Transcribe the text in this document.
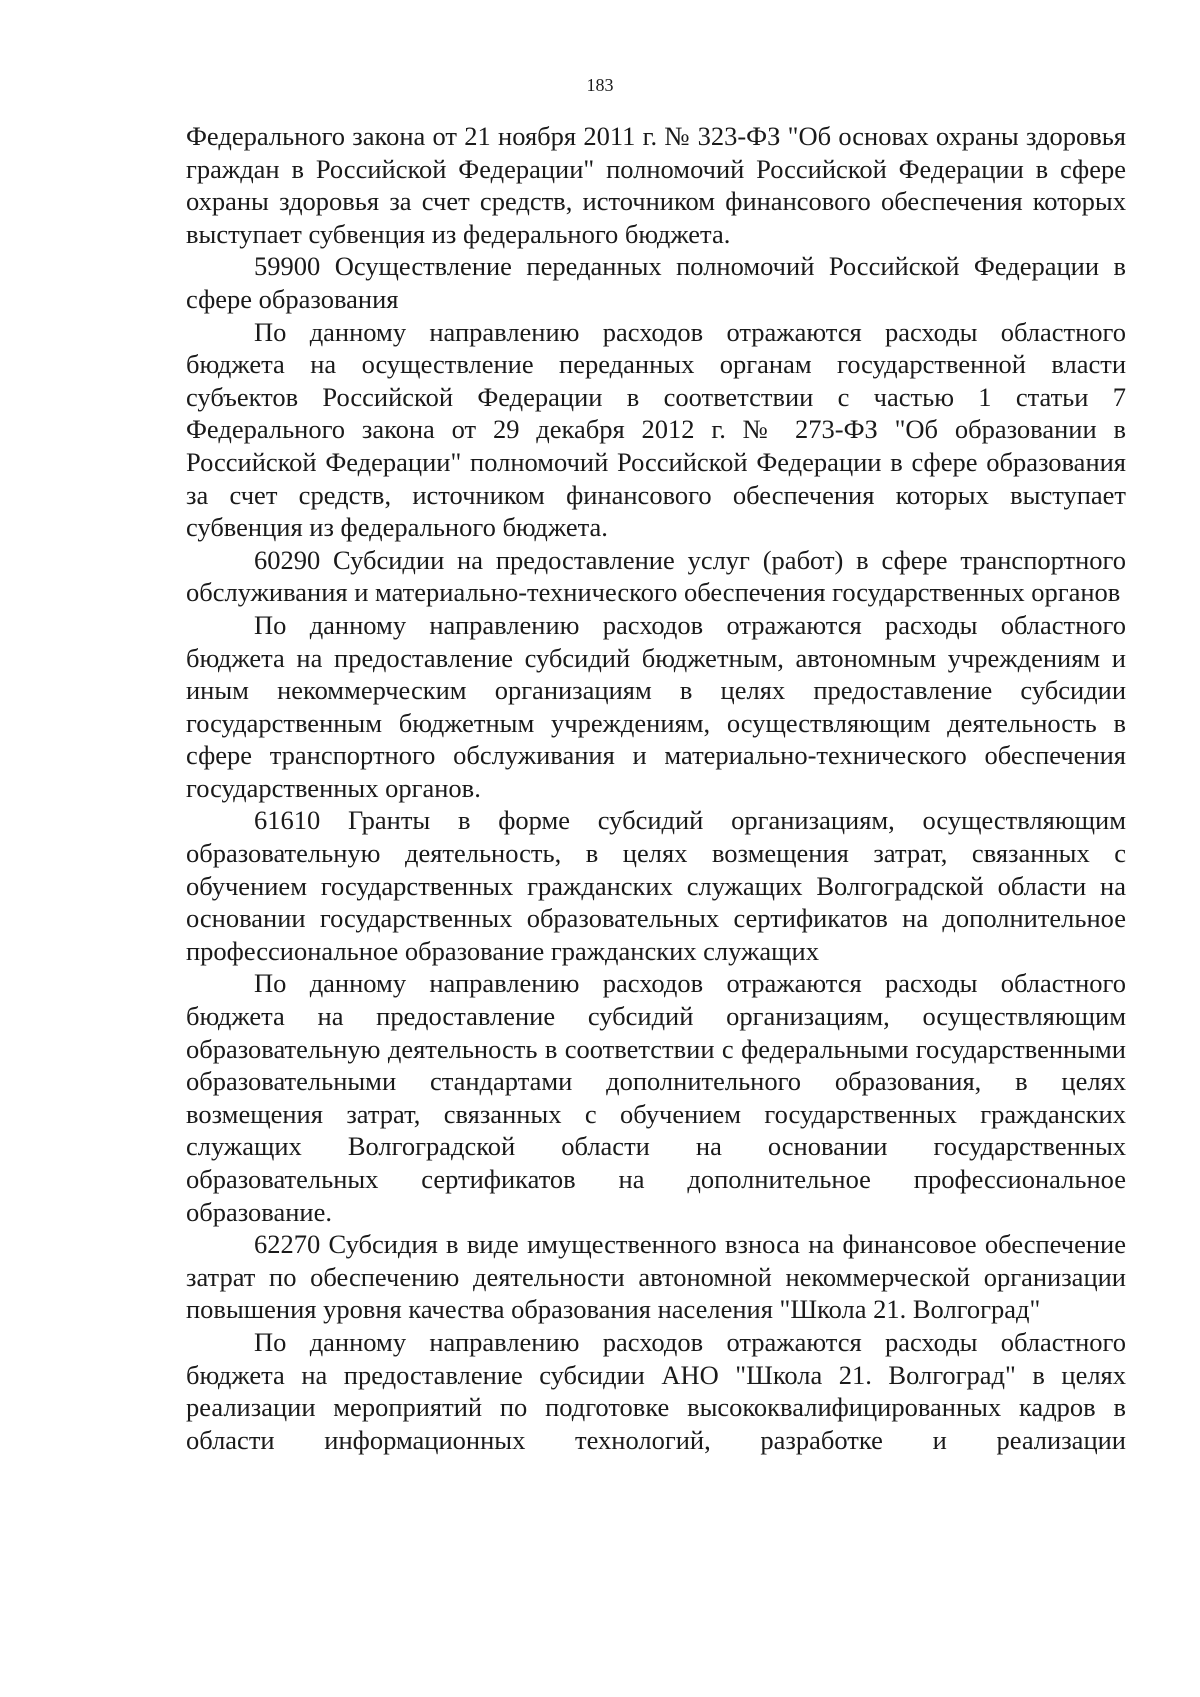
183

Федерального закона от 21 ноября 2011 г. № 323-ФЗ "Об основах охраны здоровья граждан в Российской Федерации" полномочий Российской Федерации в сфере охраны здоровья за счет средств, источником финансового обеспечения которых выступает субвенция из федерального бюджета.

59900 Осуществление переданных полномочий Российской Федерации в сфере образования

По данному направлению расходов отражаются расходы областного бюджета на осуществление переданных органам государственной власти субъектов Российской Федерации в соответствии с частью 1 статьи 7 Федерального закона от 29 декабря 2012 г. № 273-ФЗ "Об образовании в Российской Федерации" полномочий Российской Федерации в сфере образования за счет средств, источником финансового обеспечения которых выступает субвенция из федерального бюджета.

60290 Субсидии на предоставление услуг (работ) в сфере транспортного обслуживания и материально-технического обеспечения государственных органов

По данному направлению расходов отражаются расходы областного бюджета на предоставление субсидий бюджетным, автономным учреждениям и иным некоммерческим организациям в целях предоставление субсидии государственным бюджетным учреждениям, осуществляющим деятельность в сфере транспортного обслуживания и материально-технического обеспечения государственных органов.

61610 Гранты в форме субсидий организациям, осуществляющим образовательную деятельность, в целях возмещения затрат, связанных с обучением государственных гражданских служащих Волгоградской области на основании государственных образовательных сертификатов на дополнительное профессиональное образование гражданских служащих

По данному направлению расходов отражаются расходы областного бюджета на предоставление субсидий организациям, осуществляющим образовательную деятельность в соответствии с федеральными государственными образовательными стандартами дополнительного образования, в целях возмещения затрат, связанных с обучением государственных гражданских служащих Волгоградской области на основании государственных образовательных сертификатов на дополнительное профессиональное образование.

62270 Субсидия в виде имущественного взноса на финансовое обеспечение затрат по обеспечению деятельности автономной некоммерческой организации повышения уровня качества образования населения "Школа 21. Волгоград"

По данному направлению расходов отражаются расходы областного бюджета на предоставление субсидии АНО "Школа 21. Волгоград" в целях реализации мероприятий по подготовке высококвалифицированных кадров в области информационных технологий, разработке и реализации
